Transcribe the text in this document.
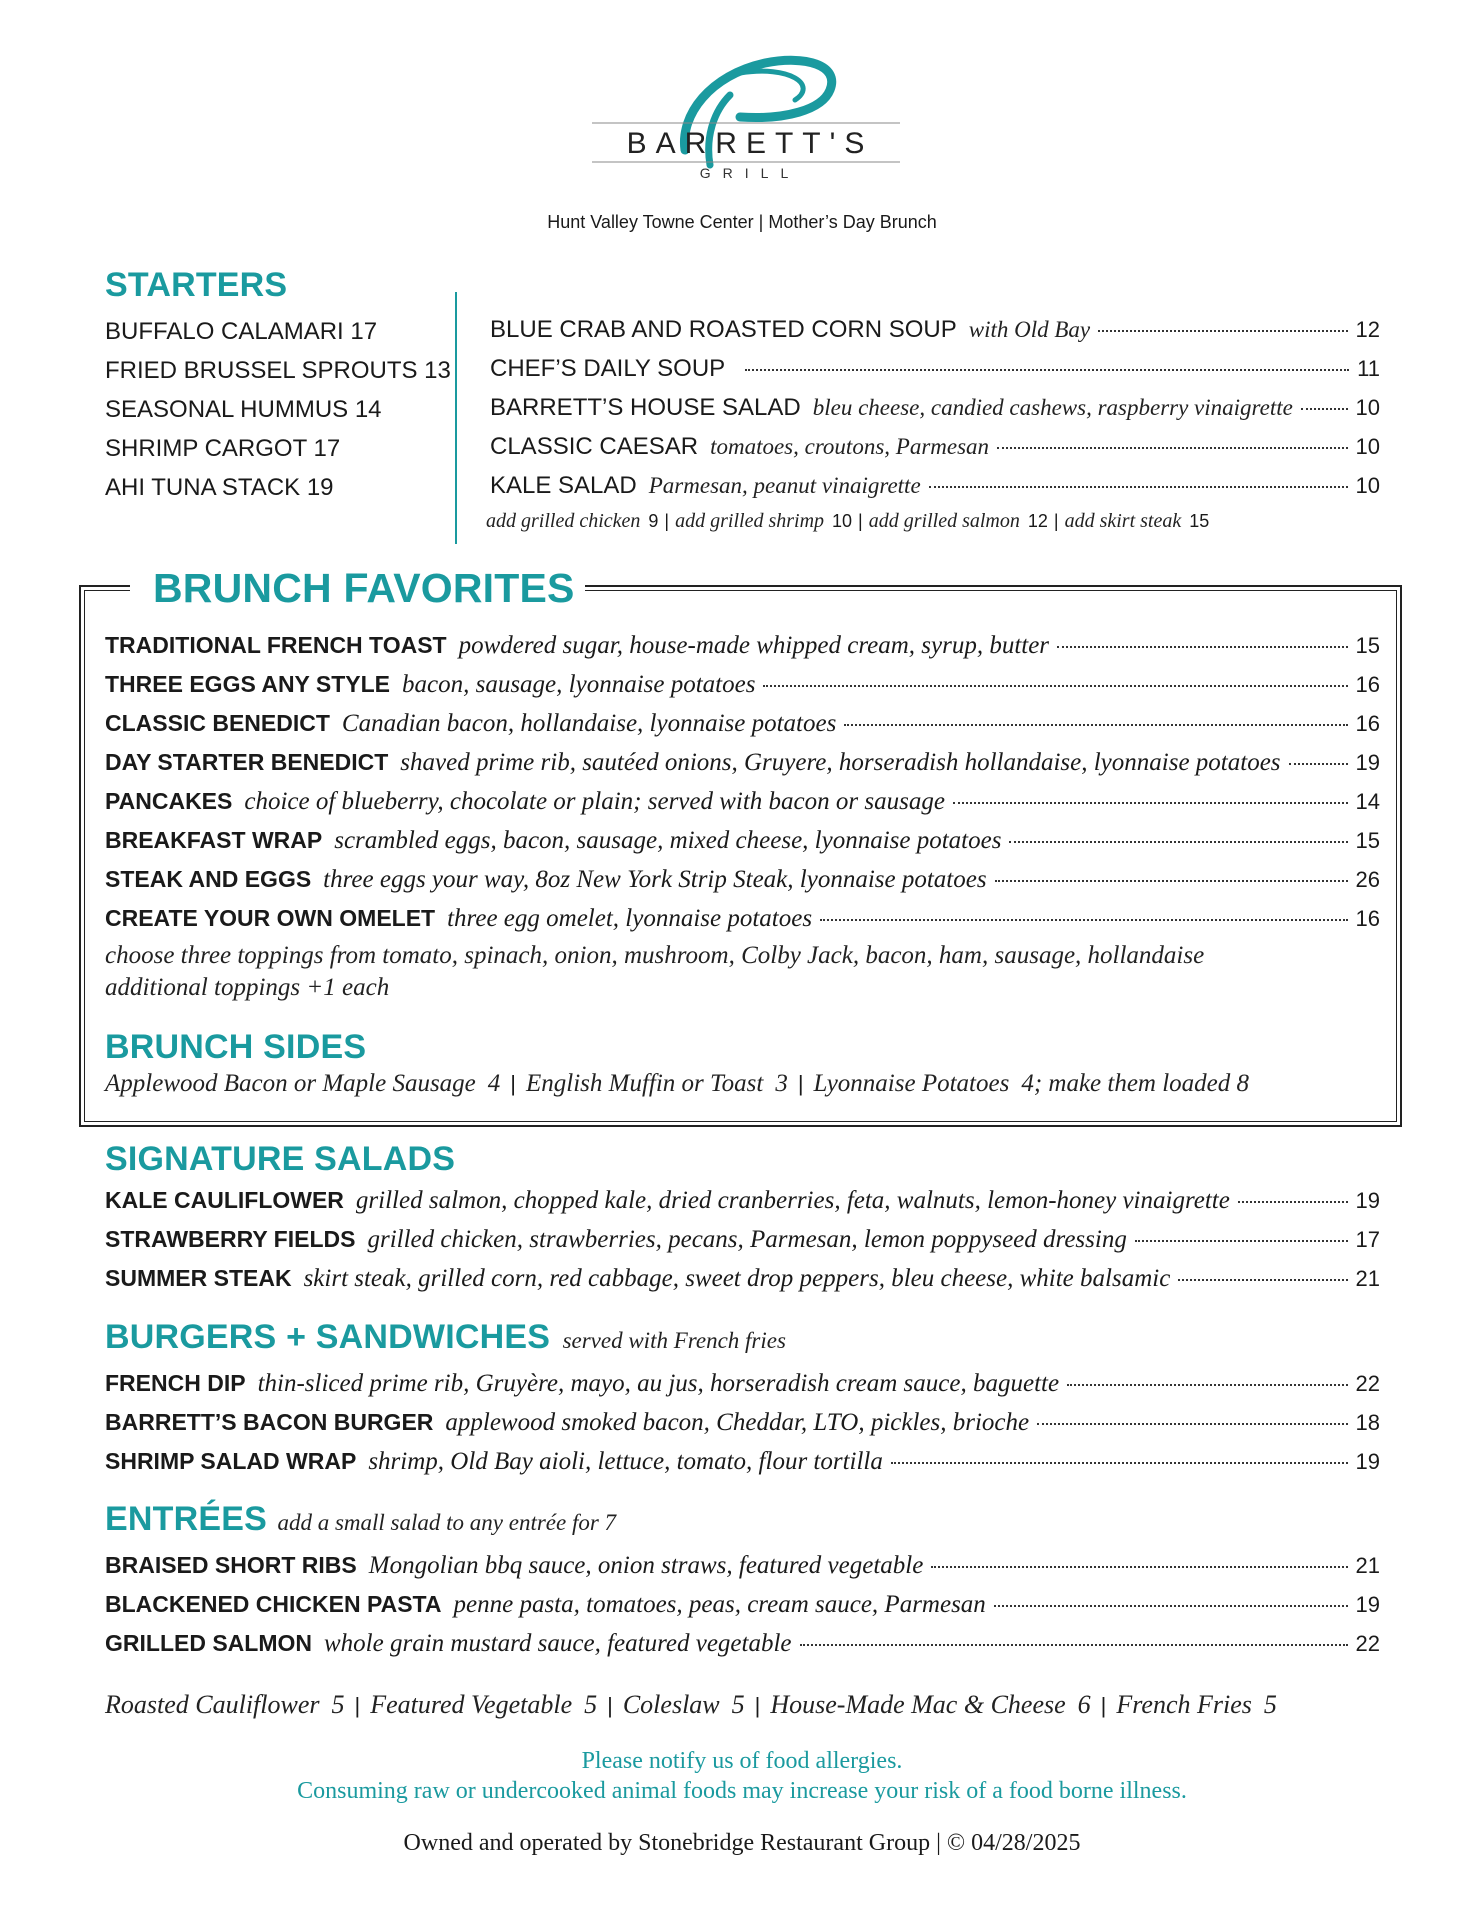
BARRETT'S
GRILL
Hunt Valley Towne Center | Mother’s Day Brunch
STARTERS
BUFFALO CALAMARI 17
FRIED BRUSSEL SPROUTS 13
SEASONAL HUMMUS 14
SHRIMP CARGOT 17
AHI TUNA STACK 19
BLUE CRAB AND ROASTED CORN SOUP with Old Bay	12
CHEF’S DAILY SOUP	11
BARRETT’S HOUSE SALAD bleu cheese, candied cashews, raspberry vinaigrette	10
CLASSIC CAESAR tomatoes, croutons, Parmesan	10
KALE SALAD Parmesan, peanut vinaigrette	10
add grilled chicken 9 | add grilled shrimp 10 | add grilled salmon 12 | add skirt steak 15
BRUNCH FAVORITES
TRADITIONAL FRENCH TOAST powdered sugar, house-made whipped cream, syrup, butter	15
THREE EGGS ANY STYLE bacon, sausage, lyonnaise potatoes	16
CLASSIC BENEDICT Canadian bacon, hollandaise, lyonnaise potatoes	16
DAY STARTER BENEDICT shaved prime rib, sautéed onions, Gruyere, horseradish hollandaise, lyonnaise potatoes	19
PANCAKES choice of blueberry, chocolate or plain; served with bacon or sausage	14
BREAKFAST WRAP scrambled eggs, bacon, sausage, mixed cheese, lyonnaise potatoes	15
STEAK AND EGGS three eggs your way, 8oz New York Strip Steak, lyonnaise potatoes	26
CREATE YOUR OWN OMELET three egg omelet, lyonnaise potatoes	16
choose three toppings from tomato, spinach, onion, mushroom, Colby Jack, bacon, ham, sausage, hollandaise
additional toppings +1 each
BRUNCH SIDES
Applewood Bacon or Maple Sausage 4 | English Muffin or Toast 3 | Lyonnaise Potatoes 4; make them loaded 8
SIGNATURE SALADS
KALE CAULIFLOWER grilled salmon, chopped kale, dried cranberries, feta, walnuts, lemon-honey vinaigrette	19
STRAWBERRY FIELDS grilled chicken, strawberries, pecans, Parmesan, lemon poppyseed dressing	17
SUMMER STEAK skirt steak, grilled corn, red cabbage, sweet drop peppers, bleu cheese, white balsamic	21
BURGERS + SANDWICHES served with French fries
FRENCH DIP thin-sliced prime rib, Gruyère, mayo, au jus, horseradish cream sauce, baguette	22
BARRETT’S BACON BURGER applewood smoked bacon, Cheddar, LTO, pickles, brioche	18
SHRIMP SALAD WRAP shrimp, Old Bay aioli, lettuce, tomato, flour tortilla	19
ENTRÉES add a small salad to any entrée for 7
BRAISED SHORT RIBS Mongolian bbq sauce, onion straws, featured vegetable	21
BLACKENED CHICKEN PASTA penne pasta, tomatoes, peas, cream sauce, Parmesan	19
GRILLED SALMON whole grain mustard sauce, featured vegetable	22
Roasted Cauliflower 5 | Featured Vegetable 5 | Coleslaw 5 | House-Made Mac & Cheese 6 | French Fries 5
Please notify us of food allergies.
Consuming raw or undercooked animal foods may increase your risk of a food borne illness.
Owned and operated by Stonebridge Restaurant Group | © 04/28/2025
